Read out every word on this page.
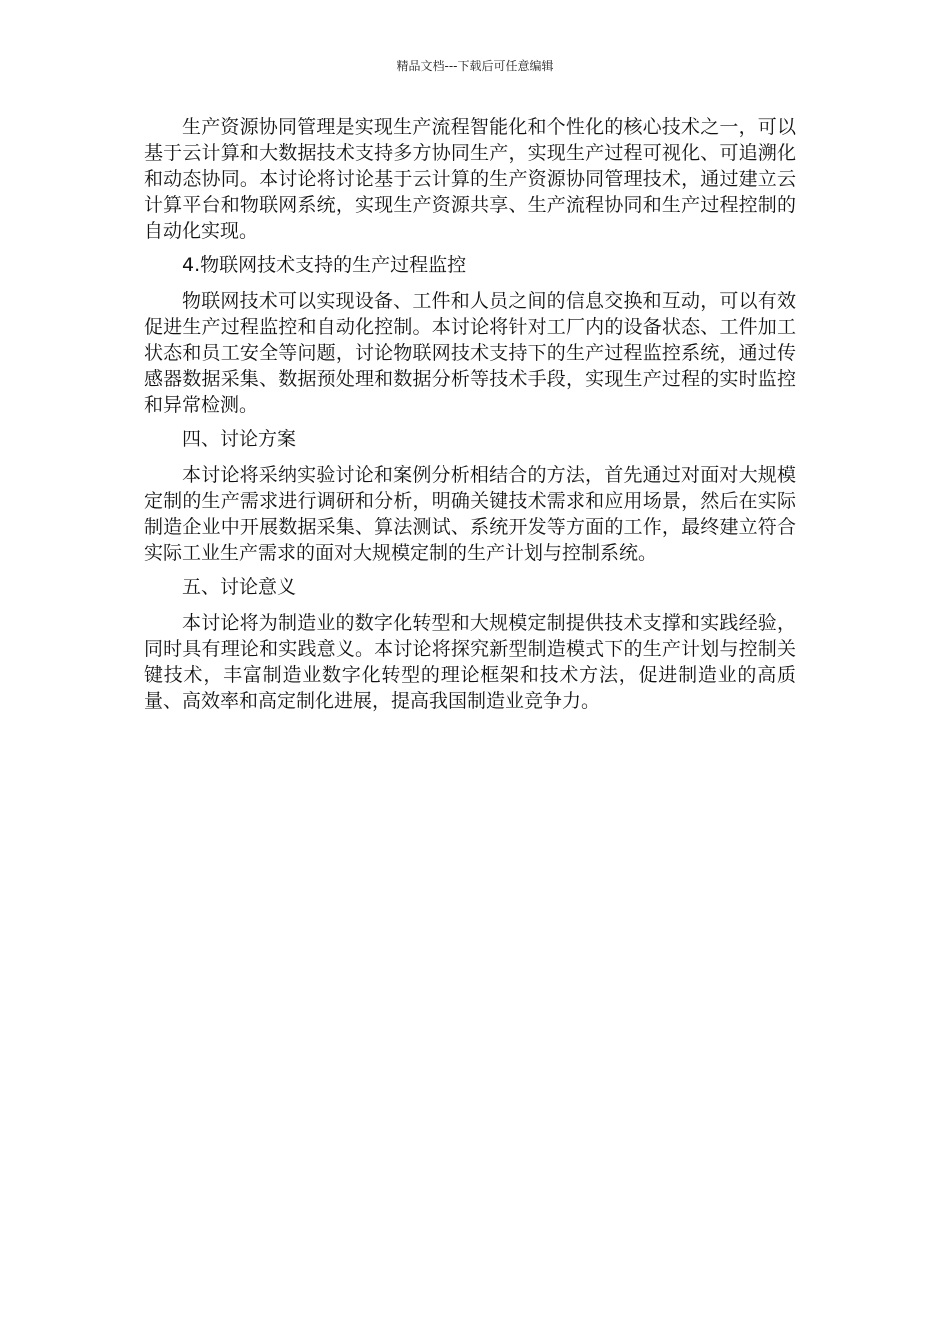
精品文档---下载后可任意编辑

生产资源协同管理是实现生产流程智能化和个性化的核心技术之一，可以基于云计算和大数据技术支持多方协同生产，实现生产过程可视化、可追溯化和动态协同。本讨论将讨论基于云计算的生产资源协同管理技术，通过建立云计算平台和物联网系统，实现生产资源共享、生产流程协同和生产过程控制的自动化实现。

4.物联网技术支持的生产过程监控

物联网技术可以实现设备、工件和人员之间的信息交换和互动，可以有效促进生产过程监控和自动化控制。本讨论将针对工厂内的设备状态、工件加工状态和员工安全等问题，讨论物联网技术支持下的生产过程监控系统，通过传感器数据采集、数据预处理和数据分析等技术手段，实现生产过程的实时监控和异常检测。

四、讨论方案

本讨论将采纳实验讨论和案例分析相结合的方法，首先通过对面对大规模定制的生产需求进行调研和分析，明确关键技术需求和应用场景，然后在实际制造企业中开展数据采集、算法测试、系统开发等方面的工作，最终建立符合实际工业生产需求的面对大规模定制的生产计划与控制系统。

五、讨论意义

本讨论将为制造业的数字化转型和大规模定制提供技术支撑和实践经验，同时具有理论和实践意义。本讨论将探究新型制造模式下的生产计划与控制关键技术，丰富制造业数字化转型的理论框架和技术方法，促进制造业的高质量、高效率和高定制化进展，提高我国制造业竞争力。
